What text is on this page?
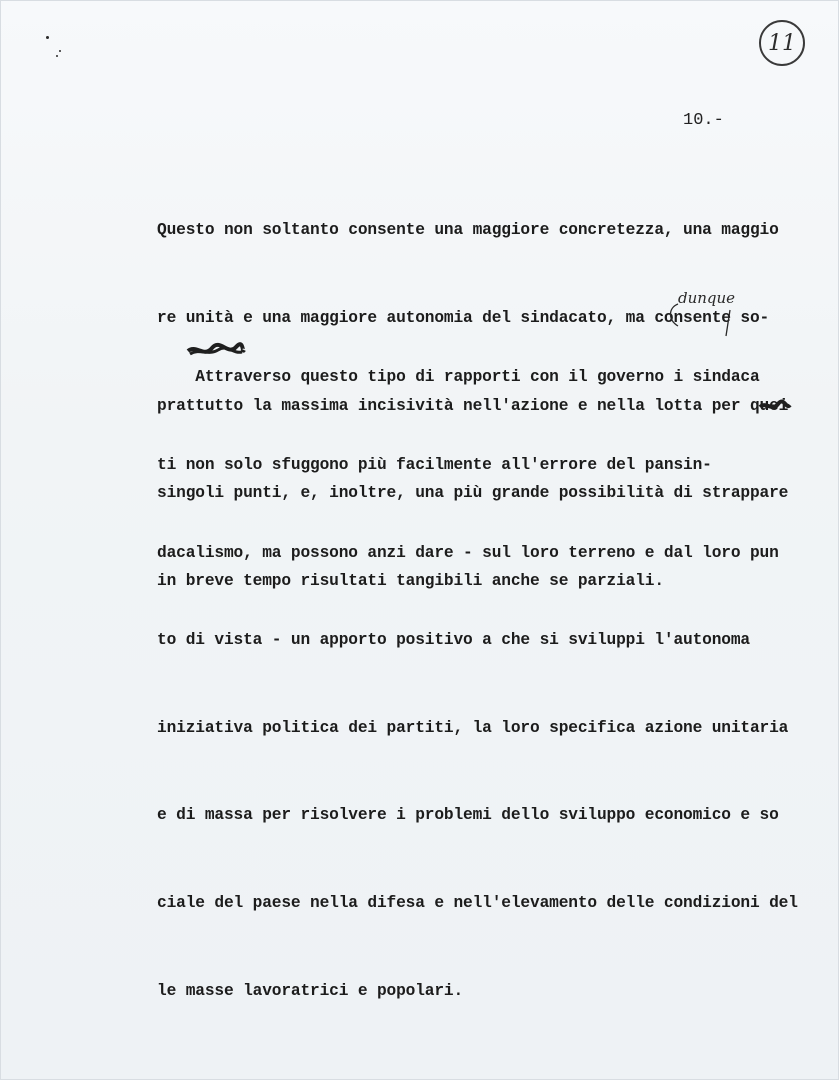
11
10.-

Questo non soltanto consente una maggiore concretezza, una maggio

re unità e una maggiore autonomia del sindacato, ma consente so-

prattutto la massima incisività nell'azione e nella lotta per quei

singoli punti, e, inoltre, una più grande possibilità di strappare

in breve tempo risultati tangibili anche se parziali.

dunque

Attraverso questo tipo di rapporti con il governo i sindaca

ti non solo sfuggono più facilmente all'errore del pansin-

dacalismo, ma possono anzi dare - sul loro terreno e dal loro pun

to di vista - un apporto positivo a che si sviluppi l'autonoma

iniziativa politica dei partiti, la loro specifica azione unitaria

e di massa per risolvere i problemi dello sviluppo economico e so

ciale del paese nella difesa e nell'elevamento delle condizioni del

le masse lavoratrici e popolari.
